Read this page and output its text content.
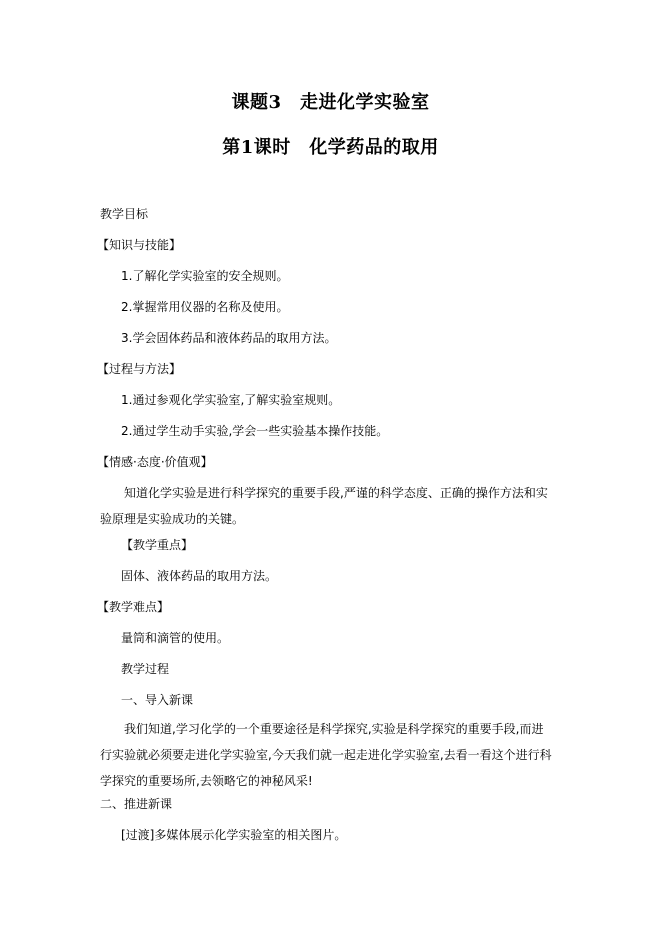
课题3　走进化学实验室
第1课时　化学药品的取用
教学目标
【知识与技能】
1.了解化学实验室的安全规则。
2.掌握常用仪器的名称及使用。
3.学会固体药品和液体药品的取用方法。
【过程与方法】
1.通过参观化学实验室,了解实验室规则。
2.通过学生动手实验,学会一些实验基本操作技能。
【情感·态度·价值观】
知道化学实验是进行科学探究的重要手段,严谨的科学态度、正确的操作方法和实验原理是实验成功的关键。
【教学重点】
固体、液体药品的取用方法。
【教学难点】
量筒和滴管的使用。
教学过程
一、导入新课
我们知道,学习化学的一个重要途径是科学探究,实验是科学探究的重要手段,而进行实验就必须要走进化学实验室,今天我们就一起走进化学实验室,去看一看这个进行科学探究的重要场所,去领略它的神秘风采!
二、推进新课
[过渡]多媒体展示化学实验室的相关图片。
